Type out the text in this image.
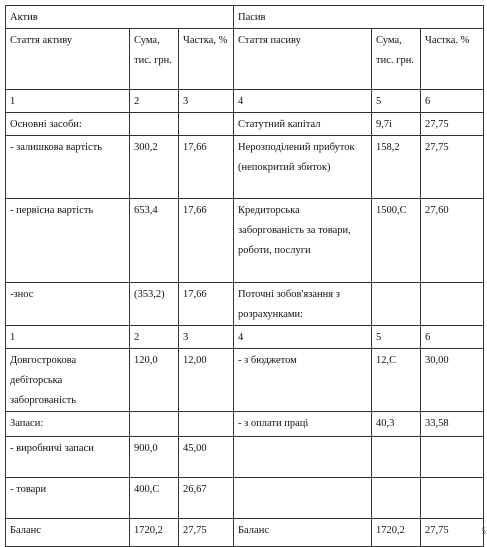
Актив			Пасив		
Стаття активу	Сума, тис. грн.	Частка, %	Стаття пасиву	Сума, тис. грн.	Частка. %
1	2	3	4	5	6
Основні засоби:			Статутний капітал	9,7і	27,75
- залишкова вартість	300,2	17,66	Нерозподілений прибуток (непокритий збиток)	158,2	27,75
- первісна вартість	653,4	17,66	Кредиторська заборгованість за товари, роботи, послуги	1500,С	27,60
-знос	(353,2)	17,66	Поточні зобов'язання з розрахунками:		
1	2	3	4	5	6
Довгострокова дебіторська заборгованість	120,0	12,00	- з бюджетом	12,С	30,00
Запаси:			- з оплати праці	40,3	33,58
- виробничі запаси	900,0	45,00			
- товари	400,С	26,67			
Баланс	1720,2	27,75	Баланс	1720,2	27,75	5
